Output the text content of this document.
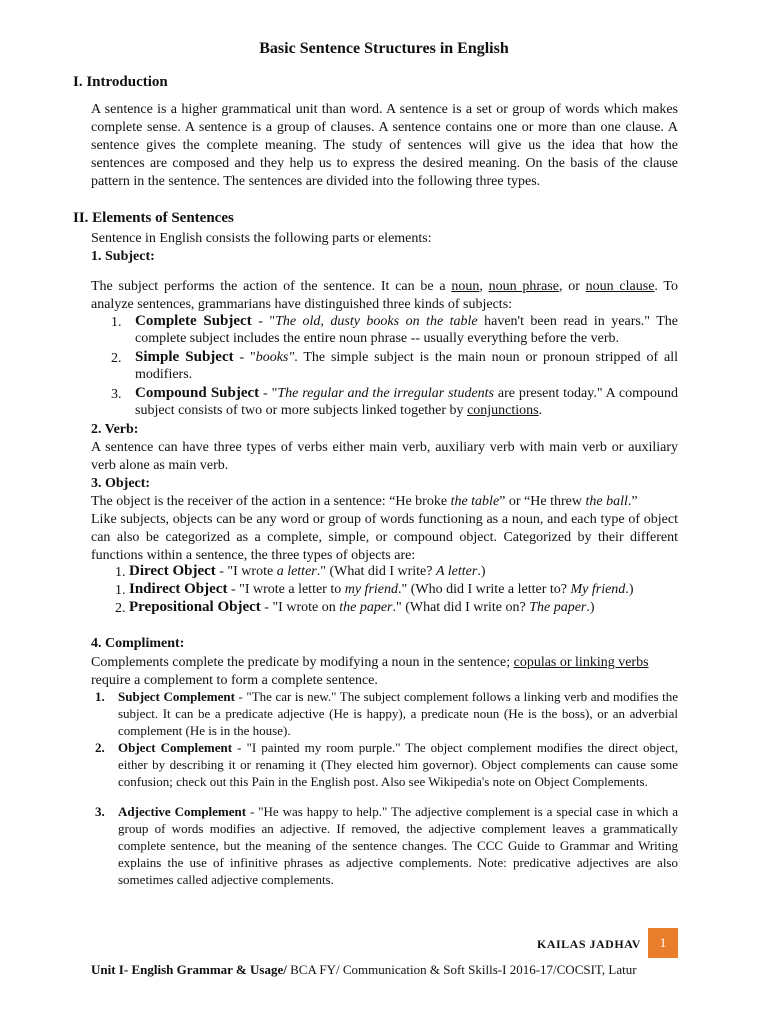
Basic Sentence Structures in English
I. Introduction
A sentence is a higher grammatical unit than word. A sentence is a set or group of words which makes complete sense. A sentence is a group of clauses. A sentence contains one or more than one clause. A sentence gives the complete meaning. The study of sentences will give us the idea that how the sentences are composed and they help us to express the desired meaning. On the basis of the clause pattern in the sentence. The sentences are divided into the following three types.
II. Elements of Sentences
Sentence in English consists the following parts or elements:
1. Subject:
The subject performs the action of the sentence. It can be a noun, noun phrase, or noun clause. To analyze sentences, grammarians have distinguished three kinds of subjects:
1. Complete Subject - "The old, dusty books on the table haven't been read in years." The complete subject includes the entire noun phrase -- usually everything before the verb.
2. Simple Subject - "books". The simple subject is the main noun or pronoun stripped of all modifiers.
3. Compound Subject - "The regular and the irregular students are present today." A compound subject consists of two or more subjects linked together by conjunctions.
2. Verb:
A sentence can have three types of verbs either main verb, auxiliary verb with main verb or auxiliary verb alone as main verb.
3. Object:
The object is the receiver of the action in a sentence: “He broke the table” or “He threw the ball.”
Like subjects, objects can be any word or group of words functioning as a noun, and each type of object can also be categorized as a complete, simple, or compound object. Categorized by their different functions within a sentence, the three types of objects are:
1. Direct Object - "I wrote a letter." (What did I write? A letter.)
1. Indirect Object - "I wrote a letter to my friend." (Who did I write a letter to? My friend.)
2. Prepositional Object - "I wrote on the paper." (What did I write on? The paper.)
4. Compliment:
Complements complete the predicate by modifying a noun in the sentence; copulas or linking verbs require a complement to form a complete sentence.
1. Subject Complement - "The car is new." The subject complement follows a linking verb and modifies the subject. It can be a predicate adjective (He is happy), a predicate noun (He is the boss), or an adverbial complement (He is in the house).
2. Object Complement - "I painted my room purple." The object complement modifies the direct object, either by describing it or renaming it (They elected him governor). Object complements can cause some confusion; check out this Pain in the English post. Also see Wikipedia's note on Object Complements.
3. Adjective Complement - "He was happy to help." The adjective complement is a special case in which a group of words modifies an adjective. If removed, the adjective complement leaves a grammatically complete sentence, but the meaning of the sentence changes. The CCC Guide to Grammar and Writing explains the use of infinitive phrases as adjective complements. Note: predicative adjectives are also sometimes called adjective complements.
KAILAS JADHAV	1
Unit I- English Grammar & Usage/ BCA FY/ Communication & Soft Skills-I 2016-17/COCSIT, Latur
